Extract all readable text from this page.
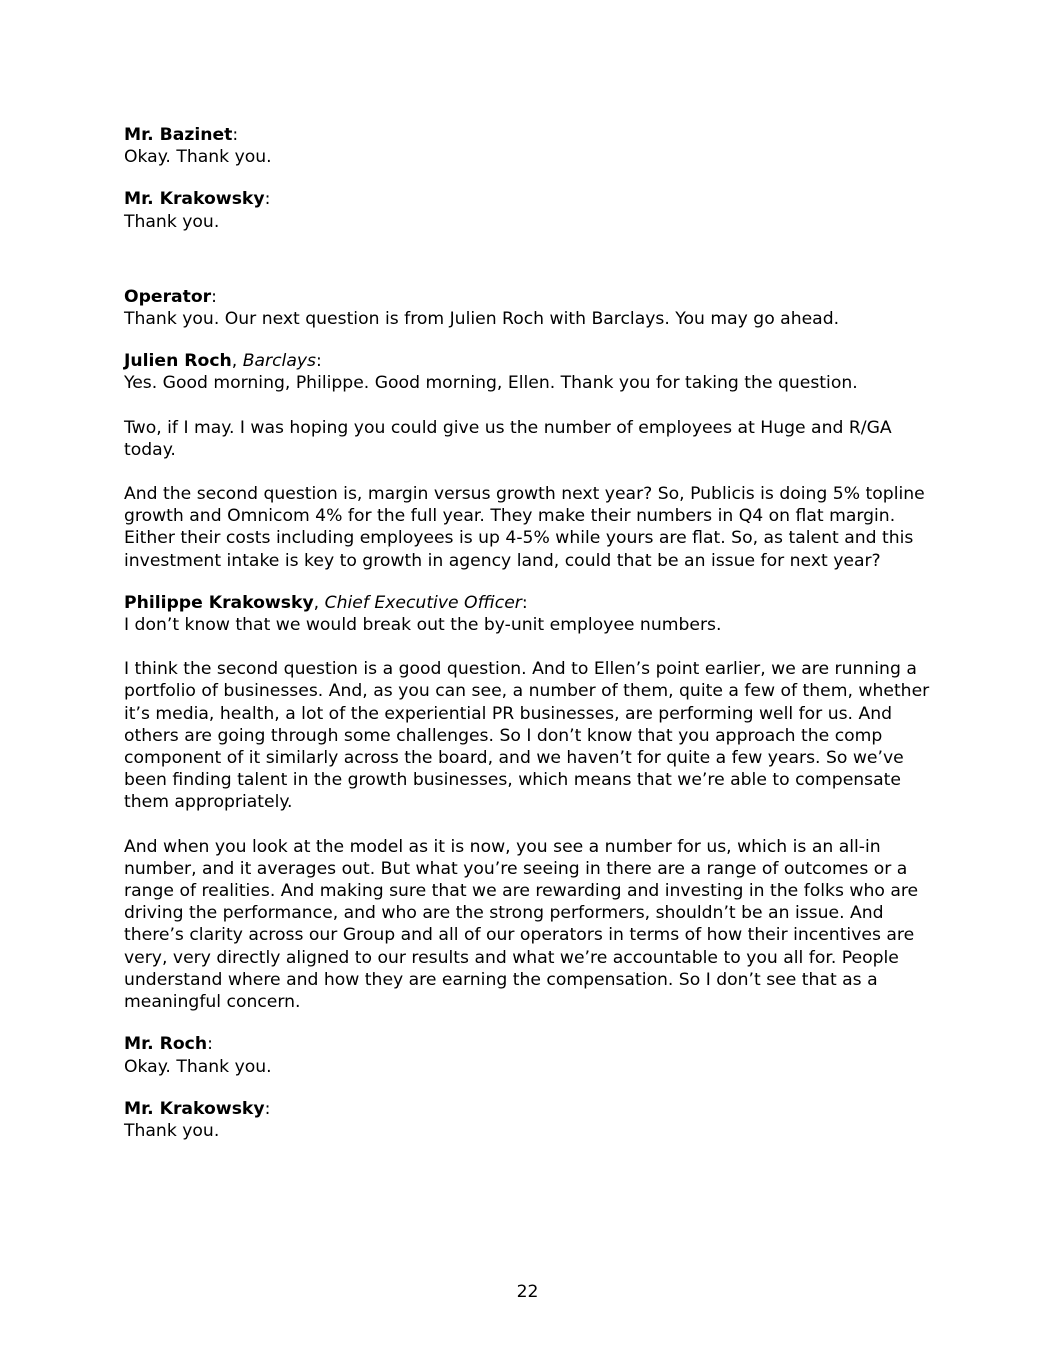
Mr. Bazinet:
Okay. Thank you.
Mr. Krakowsky:
Thank you.
Operator:
Thank you. Our next question is from Julien Roch with Barclays. You may go ahead.
Julien Roch, Barclays:
Yes. Good morning, Philippe. Good morning, Ellen. Thank you for taking the question.
Two, if I may. I was hoping you could give us the number of employees at Huge and R/GA today.
And the second question is, margin versus growth next year? So, Publicis is doing 5% topline growth and Omnicom 4% for the full year. They make their numbers in Q4 on flat margin. Either their costs including employees is up 4-5% while yours are flat. So, as talent and this investment intake is key to growth in agency land, could that be an issue for next year?
Philippe Krakowsky, Chief Executive Officer:
I don’t know that we would break out the by-unit employee numbers.
I think the second question is a good question. And to Ellen’s point earlier, we are running a portfolio of businesses. And, as you can see, a number of them, quite a few of them, whether it’s media, health, a lot of the experiential PR businesses, are performing well for us. And others are going through some challenges. So I don’t know that you approach the comp component of it similarly across the board, and we haven’t for quite a few years. So we’ve been finding talent in the growth businesses, which means that we’re able to compensate them appropriately.
And when you look at the model as it is now, you see a number for us, which is an all-in number, and it averages out. But what you’re seeing in there are a range of outcomes or a range of realities. And making sure that we are rewarding and investing in the folks who are driving the performance, and who are the strong performers, shouldn’t be an issue. And there’s clarity across our Group and all of our operators in terms of how their incentives are very, very directly aligned to our results and what we’re accountable to you all for. People understand where and how they are earning the compensation. So I don’t see that as a meaningful concern.
Mr. Roch:
Okay. Thank you.
Mr. Krakowsky:
Thank you.
22
